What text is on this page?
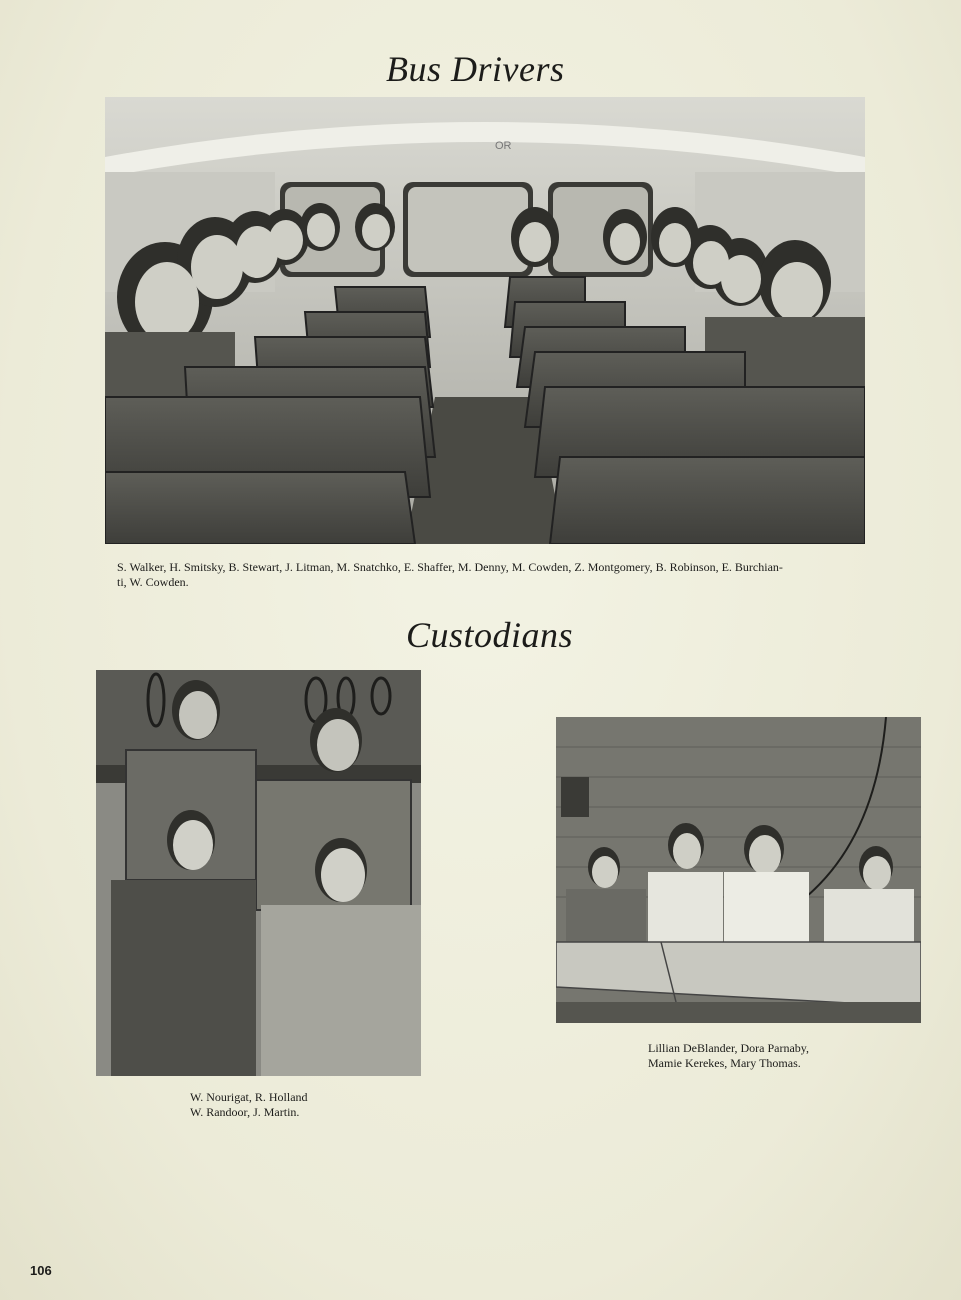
Bus Drivers
OR
S. Walker, H. Smitsky, B. Stewart, J. Litman, M. Snatchko, E. Shaffer, M. Denny, M. Cowden, Z. Montgomery, B. Robinson, E. Burchian-
ti, W. Cowden.
Custodians
W. Nourigat, R. Holland
W. Randoor, J. Martin.
Lillian DeBlander, Dora Parnaby,
Mamie Kerekes, Mary Thomas.
106
